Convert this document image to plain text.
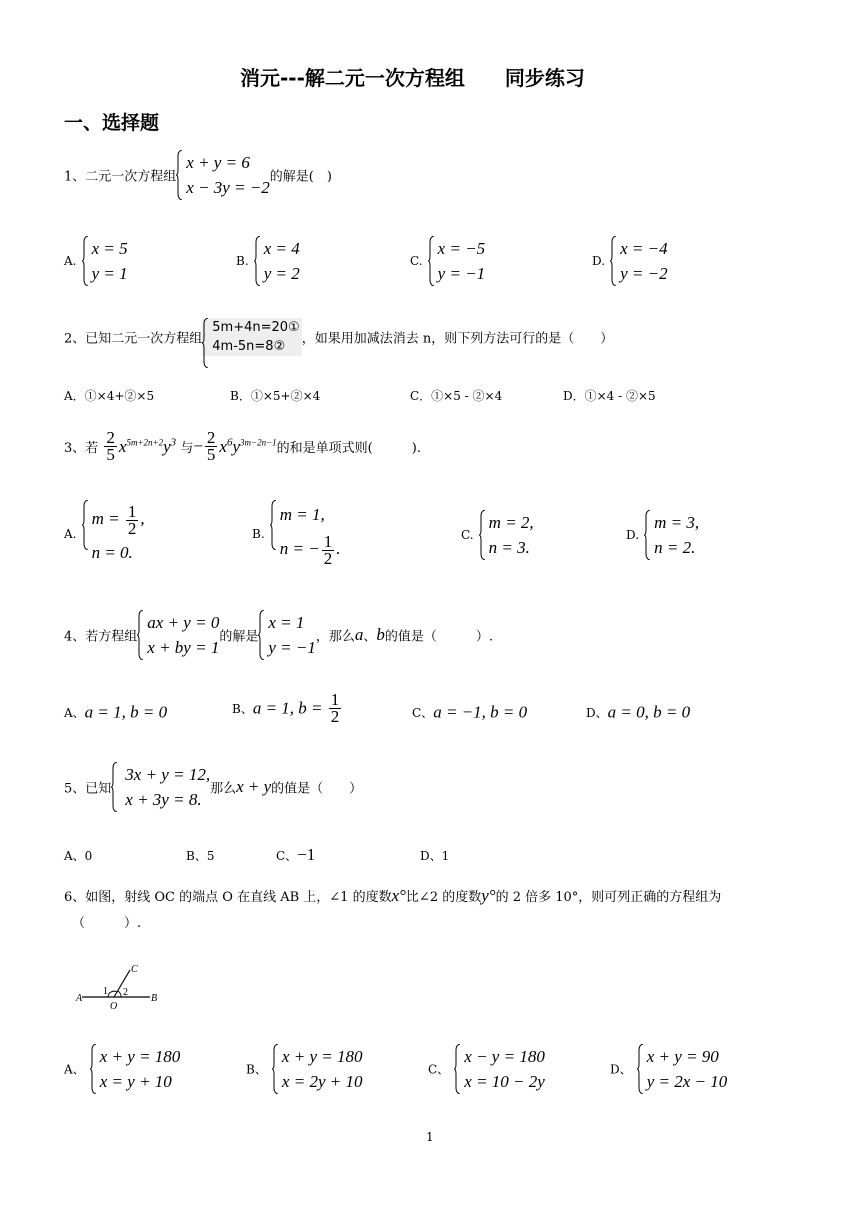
消元---解二元一次方程组　　同步练习
一、选择题
1、二元一次方程组
x + y = 6
x − 3y = −2
的解是(　)
A.
x = 5
y = 1
B.
x = 4
y = 2
C.
x = −5
y = −1
D.
x = −4
y = −2
2、已知二元一次方程组
5m+4n=20①
4m-5n=8②	，如果用加减法消去 n，则下列方法可行的是（　　）
A．①×4+②×5	B．①×5+②×4	C．①×5 - ②×4	D．①×4 - ②×5
3、若 $\frac{2}{5} x^{5m+2n+2}y^3$ 与− $\frac{2}{5} x^6y^{3m-2n-1}$的和是单项式则(　　　).
A.
$m = \frac{1}{2}$ ,
n = 0.
B.
m = 1,
n = − $\frac{1}{2}$ .
C.
m = 2,
n = 3.
D.
m = 3,
n = 2.
4、若方程组
ax + y = 0
x + by = 1
的解是
x = 1
y = −1
，那么a、b的值是（　　　）.
A、a = 1, b = 0	B、a = 1, $b = \frac{1}{2}$	C、a = −1, b = 0	D、a = 0, b = 0
5、已知
3x + y = 12,
x + 3y = 8.
那么x + y的值是（　　）
A、0	B、5	C、−1	D、1
6、如图，射线 OC 的端点 O 在直线 AB 上，∠1 的度数x°比∠2 的度数y°的 2 倍多 10°，则可列正确的方程组为
（　　　）.
A	B
C
O
1 2
A、
x + y = 180
x = y + 10
B、
x + y = 180
x = 2y + 10
C、
x − y = 180
x = 10 − 2y
D、
x + y = 90
y = 2x − 10
1
